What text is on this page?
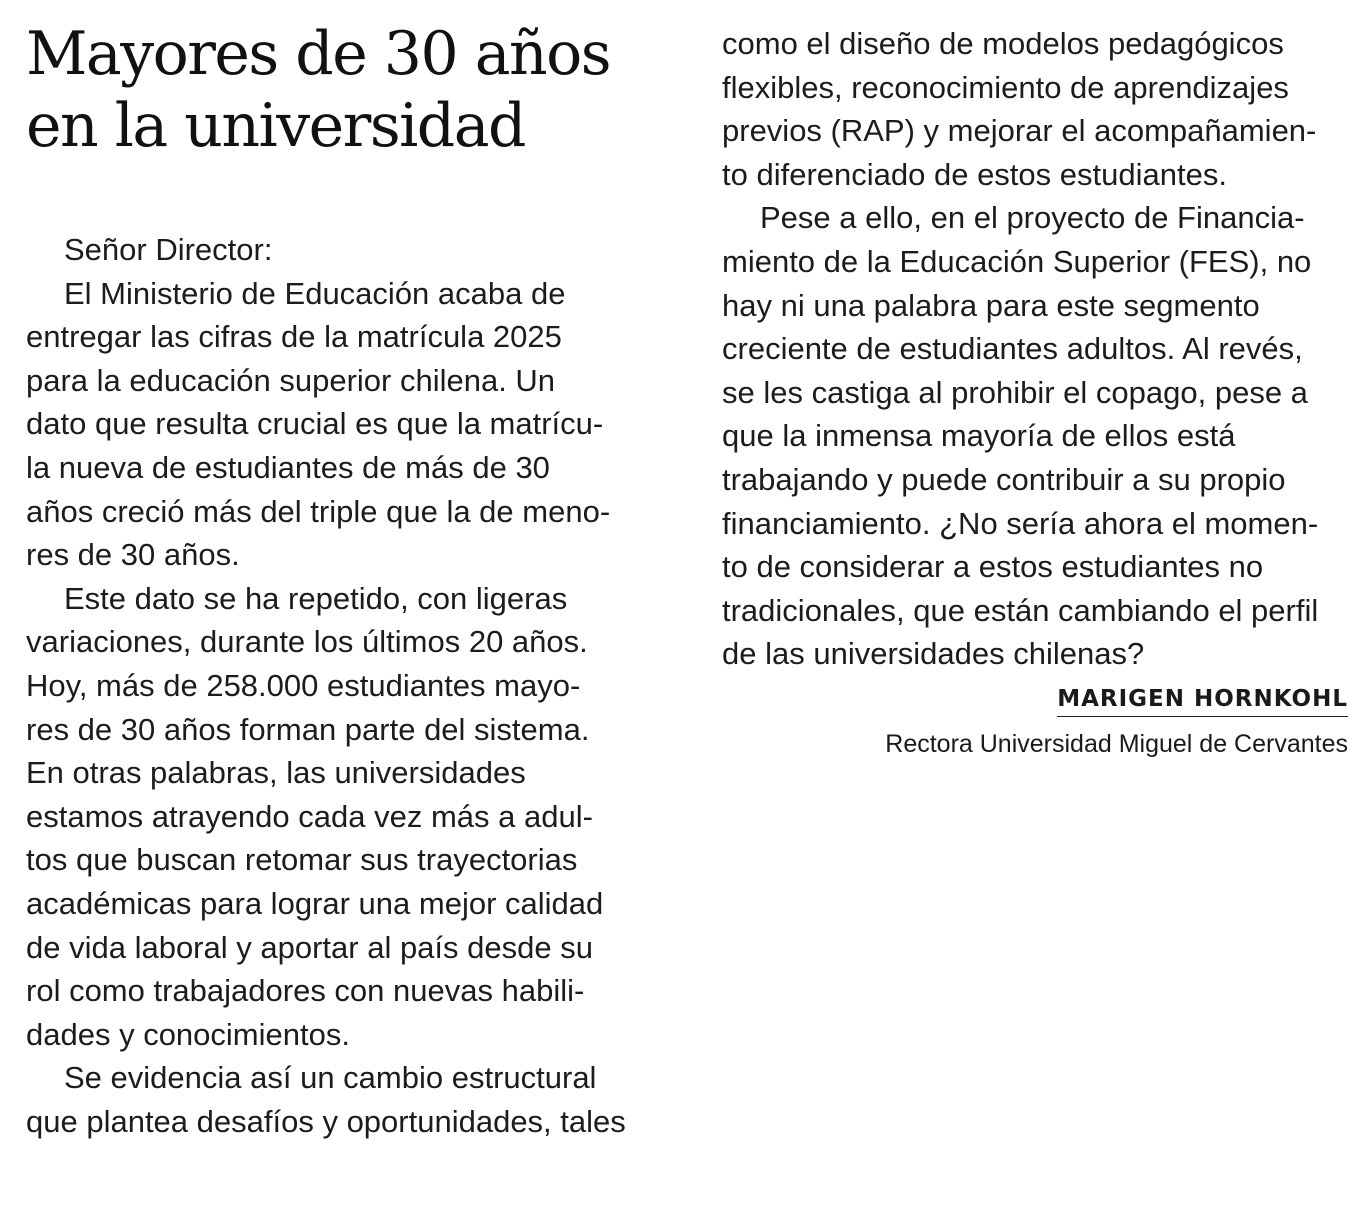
Mayores de 30 años
en la universidad
Señor Director:
El Ministerio de Educación acaba de
entregar las cifras de la matrícula 2025
para la educación superior chilena. Un
dato que resulta crucial es que la matrícu-
la nueva de estudiantes de más de 30
años creció más del triple que la de meno-
res de 30 años.
Este dato se ha repetido, con ligeras
variaciones, durante los últimos 20 años.
Hoy, más de 258.000 estudiantes mayo-
res de 30 años forman parte del sistema.
En otras palabras, las universidades
estamos atrayendo cada vez más a adul-
tos que buscan retomar sus trayectorias
académicas para lograr una mejor calidad
de vida laboral y aportar al país desde su
rol como trabajadores con nuevas habili-
dades y conocimientos.
Se evidencia así un cambio estructural
que plantea desafíos y oportunidades, tales
como el diseño de modelos pedagógicos
flexibles, reconocimiento de aprendizajes
previos (RAP) y mejorar el acompañamien-
to diferenciado de estos estudiantes.
Pese a ello, en el proyecto de Financia-
miento de la Educación Superior (FES), no
hay ni una palabra para este segmento
creciente de estudiantes adultos. Al revés,
se les castiga al prohibir el copago, pese a
que la inmensa mayoría de ellos está
trabajando y puede contribuir a su propio
financiamiento. ¿No sería ahora el momen-
to de considerar a estos estudiantes no
tradicionales, que están cambiando el perfil
de las universidades chilenas?
MARIGEN HORNKOHL
Rectora Universidad Miguel de Cervantes
